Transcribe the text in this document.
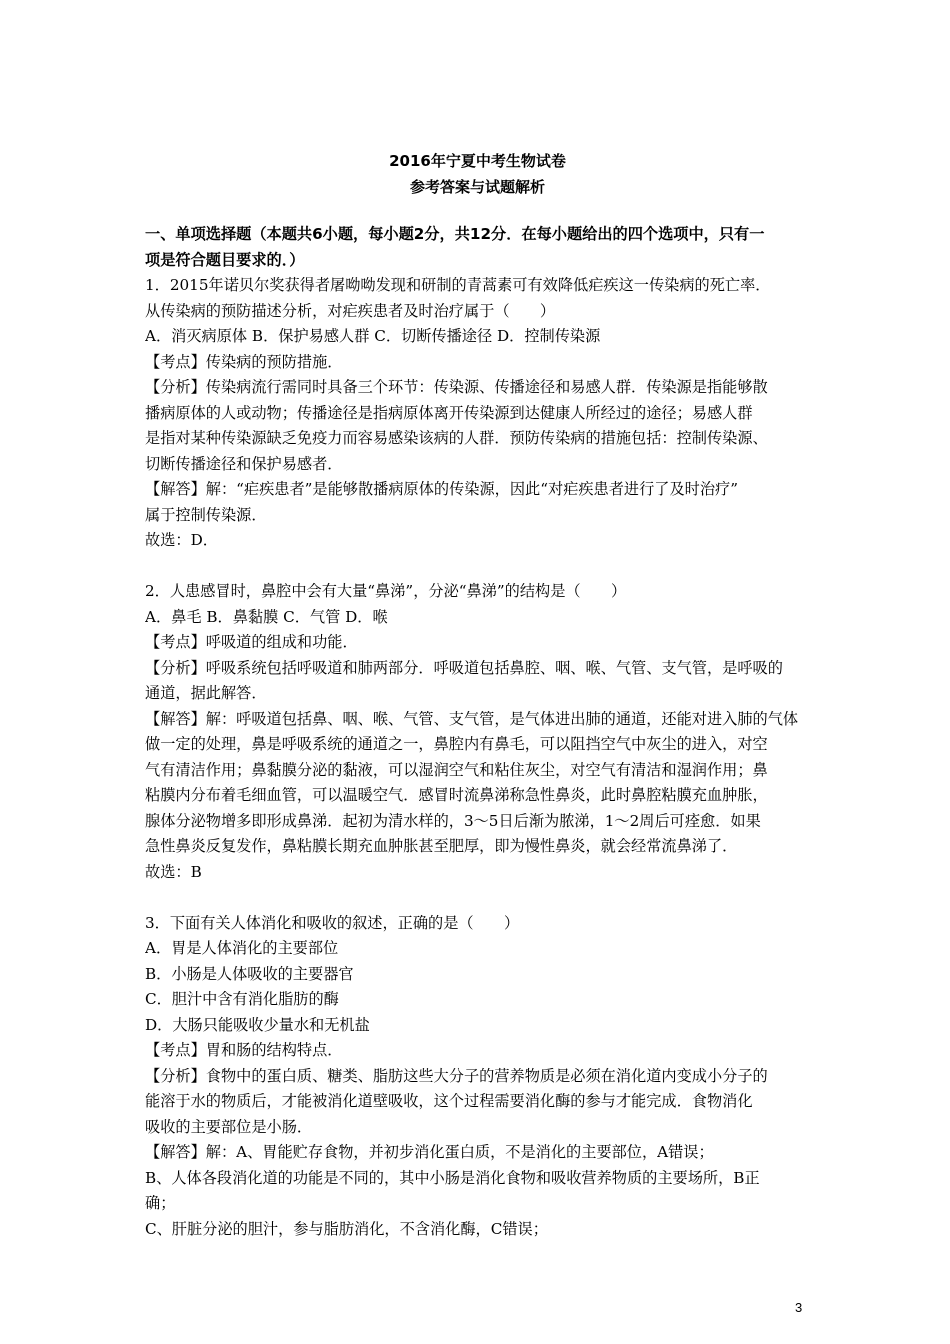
2016年宁夏中考生物试卷
参考答案与试题解析
一、单项选择题（本题共6小题，每小题2分，共12分．在每小题给出的四个选项中，只有一
项是符合题目要求的．）
1．2015年诺贝尔奖获得者屠呦呦发现和研制的青蒿素可有效降低疟疾这一传染病的死亡率．
从传染病的预防描述分析，对疟疾患者及时治疗属于（　　）
A．消灭病原体 B．保护易感人群 C．切断传播途径 D．控制传染源
【考点】传染病的预防措施．
【分析】传染病流行需同时具备三个环节：传染源、传播途径和易感人群．传染源是指能够散
播病原体的人或动物；传播途径是指病原体离开传染源到达健康人所经过的途径；易感人群
是指对某种传染源缺乏免疫力而容易感染该病的人群．预防传染病的措施包括：控制传染源、
切断传播途径和保护易感者．
【解答】解：“疟疾患者”是能够散播病原体的传染源，因此“对疟疾患者进行了及时治疗”
属于控制传染源．
故选：D．
2．人患感冒时，鼻腔中会有大量“鼻涕”，分泌“鼻涕”的结构是（　　）
A．鼻毛 B．鼻黏膜 C．气管 D．喉
【考点】呼吸道的组成和功能．
【分析】呼吸系统包括呼吸道和肺两部分．呼吸道包括鼻腔、咽、喉、气管、支气管，是呼吸的
通道，据此解答．
【解答】解：呼吸道包括鼻、咽、喉、气管、支气管，是气体进出肺的通道，还能对进入肺的气体
做一定的处理，鼻是呼吸系统的通道之一，鼻腔内有鼻毛，可以阻挡空气中灰尘的进入，对空
气有清洁作用；鼻黏膜分泌的黏液，可以湿润空气和粘住灰尘，对空气有清洁和湿润作用；鼻
粘膜内分布着毛细血管，可以温暖空气．感冒时流鼻涕称急性鼻炎，此时鼻腔粘膜充血肿胀，
腺体分泌物增多即形成鼻涕．起初为清水样的，3～5日后渐为脓涕，1～2周后可痊愈．如果
急性鼻炎反复发作，鼻粘膜长期充血肿胀甚至肥厚，即为慢性鼻炎，就会经常流鼻涕了．
故选：B
3．下面有关人体消化和吸收的叙述，正确的是（　　）
A．胃是人体消化的主要部位
B．小肠是人体吸收的主要器官
C．胆汁中含有消化脂肪的酶
D．大肠只能吸收少量水和无机盐
【考点】胃和肠的结构特点．
【分析】食物中的蛋白质、糖类、脂肪这些大分子的营养物质是必须在消化道内变成小分子的
能溶于水的物质后，才能被消化道壁吸收，这个过程需要消化酶的参与才能完成．食物消化
吸收的主要部位是小肠．
【解答】解：A、胃能贮存食物，并初步消化蛋白质，不是消化的主要部位，A错误；
B、人体各段消化道的功能是不同的，其中小肠是消化食物和吸收营养物质的主要场所，B正
确；
C、肝脏分泌的胆汁，参与脂肪消化，不含消化酶，C错误；
3
